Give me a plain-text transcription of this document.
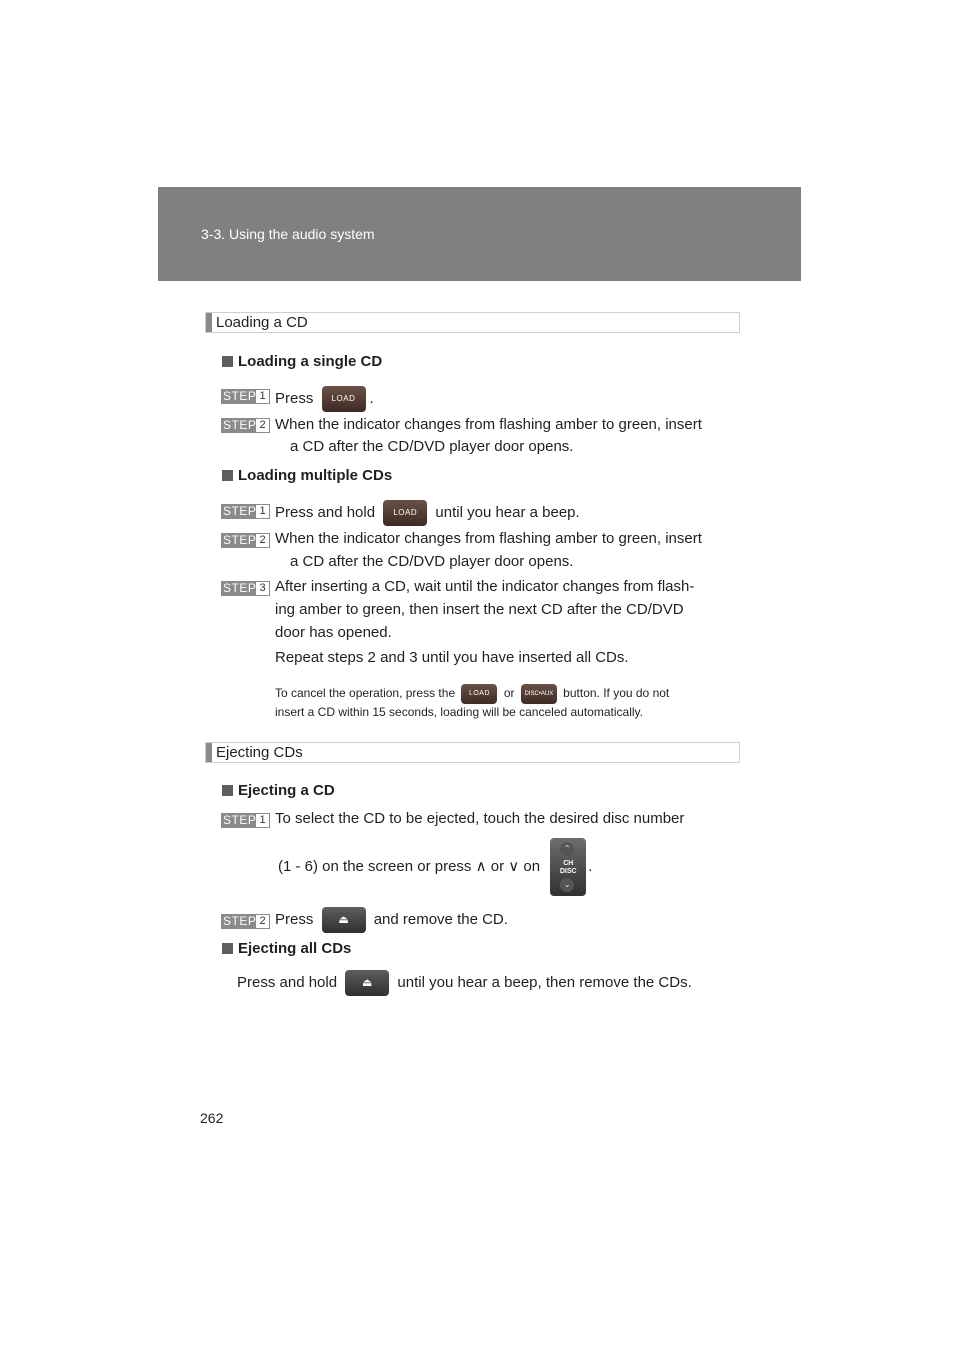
3-3. Using the audio system
Loading a CD
Loading a single CD
STEP 1 Press LOAD .
STEP 2 When the indicator changes from flashing amber to green, insert
a CD after the CD/DVD player door opens.
Loading multiple CDs
STEP 1 Press and hold LOAD until you hear a beep.
STEP 2 When the indicator changes from flashing amber to green, insert
a CD after the CD/DVD player door opens.
STEP 3 After inserting a CD, wait until the indicator changes from flash-
ing amber to green, then insert the next CD after the CD/DVD
door has opened.
Repeat steps 2 and 3 until you have inserted all CDs.
To cancel the operation, press the LOAD or DISC•AUX button. If you do not
insert a CD within 15 seconds, loading will be canceled automatically.
Ejecting CDs
Ejecting a CD
STEP 1 To select the CD to be ejected, touch the desired disc number
(1 - 6) on the screen or press ∧ or ∨ on
⌃
CH
DISC
⌄
.
STEP 2 Press ⏏ and remove the CD.
Ejecting all CDs
Press and hold ⏏ until you hear a beep, then remove the CDs.
262
